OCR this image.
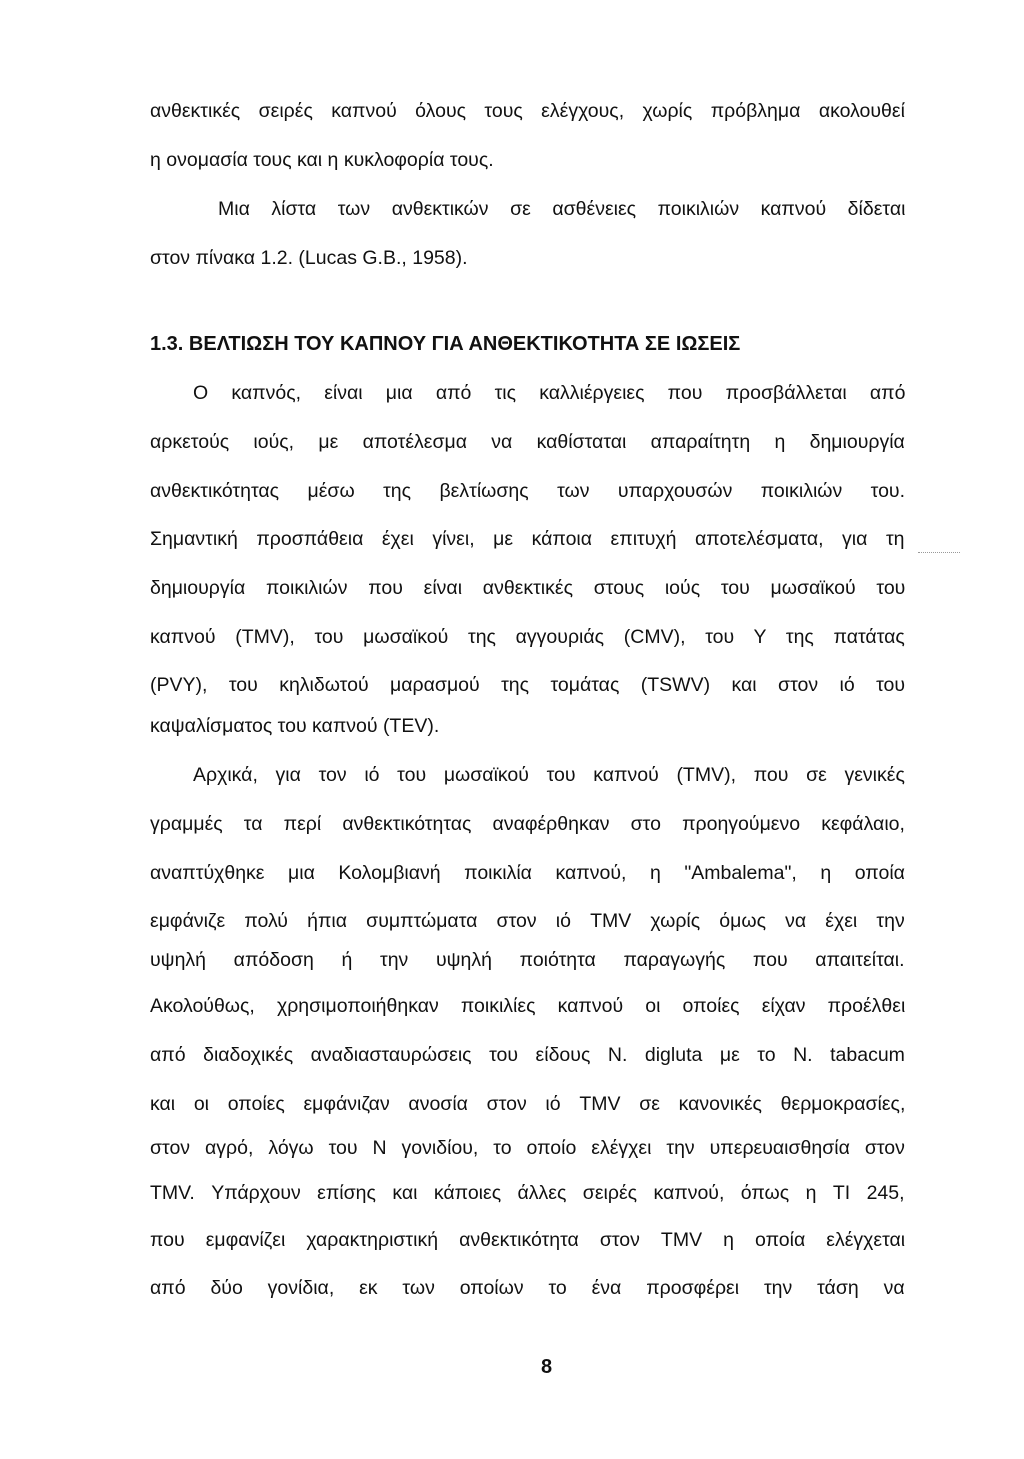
ανθεκτικές σειρές καπνού όλους τους ελέγχους, χωρίς πρόβλημα ακολουθεί
η ονομασία τους και η κυκλοφορία τους.
Μια λίστα των ανθεκτικών σε ασθένειες ποικιλιών καπνού δίδεται
στον πίνακα 1.2. (Lucas G.B., 1958).
1.3. ΒΕΛΤΙΩΣΗ ΤΟΥ ΚΑΠΝΟΥ ΓΙΑ ΑΝΘΕΚΤΙΚΟΤΗΤΑ ΣΕ ΙΩΣΕΙΣ
Ο καπνός, είναι μια από τις καλλιέργειες που προσβάλλεται από
αρκετούς ιούς, με αποτέλεσμα να καθίσταται απαραίτητη η δημιουργία
ανθεκτικότητας μέσω της βελτίωσης των υπαρχουσών ποικιλιών του.
Σημαντική προσπάθεια έχει γίνει, με κάποια επιτυχή αποτελέσματα, για τη
δημιουργία ποικιλιών που είναι ανθεκτικές στους ιούς του μωσαϊκού του
καπνού (TMV), του μωσαϊκού της αγγουριάς (CMV), του Υ της πατάτας
(PVY), του κηλιδωτού μαρασμού της τομάτας (TSWV) και στον ιό του
καψαλίσματος του καπνού (TEV).
Αρχικά, για τον ιό του μωσαϊκού του καπνού (TMV), που σε γενικές
γραμμές τα περί ανθεκτικότητας αναφέρθηκαν στο προηγούμενο κεφάλαιο,
αναπτύχθηκε μια Κολομβιανή ποικιλία καπνού, η "Ambalema", η οποία
εμφάνιζε πολύ ήπια συμπτώματα στον ιό TMV χωρίς όμως να έχει την
υψηλή απόδοση ή την υψηλή ποιότητα παραγωγής που απαιτείται.
Ακολούθως, χρησιμοποιήθηκαν ποικιλίες καπνού οι οποίες είχαν προέλθει
από διαδοχικές αναδιασταυρώσεις του είδους N. digluta με το N. tabacum
και οι οποίες εμφάνιζαν ανοσία στον ιό TMV σε κανονικές θερμοκρασίες,
στον αγρό, λόγω του Ν γονιδίου, το οποίο ελέγχει την υπερευαισθησία στον
TMV. Υπάρχουν επίσης και κάποιες άλλες σειρές καπνού, όπως η TI 245,
που εμφανίζει χαρακτηριστική ανθεκτικότητα στον TMV η οποία ελέγχεται
από δύο γονίδια, εκ των οποίων το ένα προσφέρει την τάση να
8
